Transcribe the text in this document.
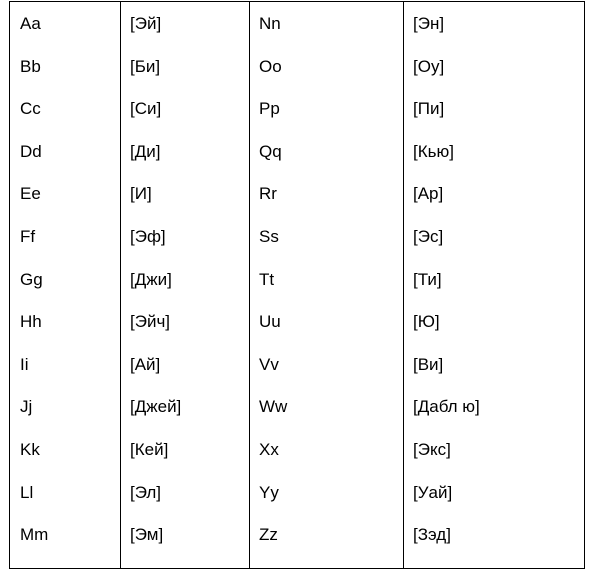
Aa	[Эй]	Nn	[Эн]
Bb	[Би]	Oo	[Оу]
Cc	[Си]	Pp	[Пи]
Dd	[Ди]	Qq	[Кью]
Ee	[И]	Rr	[Ар]
Ff	[Эф]	Ss	[Эс]
Gg	[Джи]	Tt	[Ти]
Hh	[Эйч]	Uu	[Ю]
Ii	[Ай]	Vv	[Ви]
Jj	[Джей]	Ww	[Дабл ю]
Kk	[Кей]	Xx	[Экс]
Ll	[Эл]	Yy	[Уай]
Mm	[Эм]	Zz	[Зэд]
